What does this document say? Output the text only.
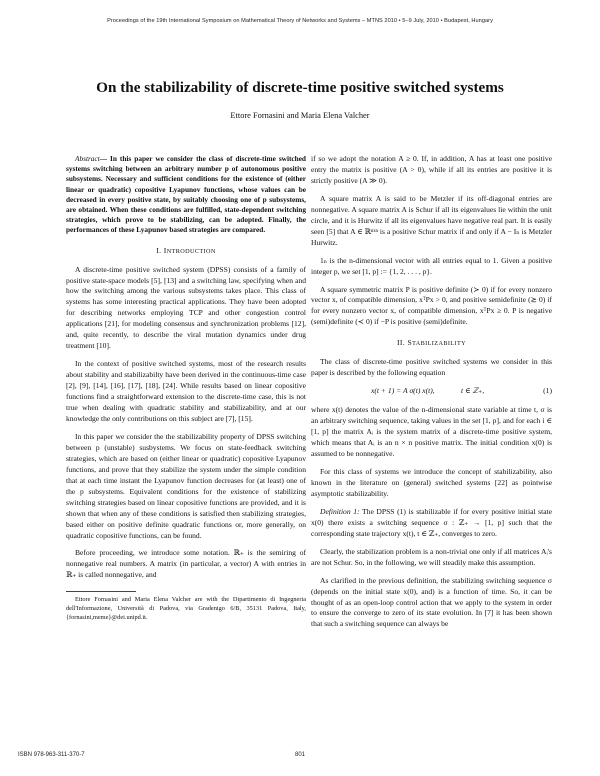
Proceedings of the 19th International Symposium on Mathematical Theory of Networks and Systems – MTNS 2010 • 5–9 July, 2010 • Budapest, Hungary
On the stabilizability of discrete-time positive switched systems
Ettore Fornasini and Maria Elena Valcher

Abstract— In this paper we consider the class of discrete-time switched systems switching between an arbitrary number p of autonomous positive subsystems. Necessary and sufficient conditions for the existence of (either linear or quadratic) copositive Lyapunov functions, whose values can be decreased in every positive state, by suitably choosing one of p subsystems, are obtained. When these conditions are fulfilled, state-dependent switching strategies, which prove to be stabilizing, can be adopted. Finally, the performances of these Lyapunov based strategies are compared.

I. INTRODUCTION

A discrete-time positive switched system (DPSS) consists of a family of positive state-space models [5], [13] and a switching law, specifying when and how the switching among the various subsystems takes place. This class of systems has some interesting practical applications. They have been adopted for describing networks employing TCP and other congestion control applications [21], for modeling consensus and synchronization problems [12], and, quite recently, to describe the viral mutation dynamics under drug treatment [10].

In the context of positive switched systems, most of the research results about stability and stabilizabilty have been derived in the continuous-time case [2], [9], [14], [16], [17], [18], [24]. While results based on linear copositive functions find a straightforward extension to the discrete-time case, this is not true when dealing with quadratic stability and stabilizability, and at our knowledge the only contributions on this subject are [7], [15].

In this paper we consider the the stabilizability property of DPSS switching between p (unstable) susbystems. We focus on state-feedback switching strategies, which are based on (either linear or quadratic) copositive Lyapunov functions, and prove that they stabilize the system under the simple condition that at each time instant the Lyapunov function decreases for (at least) one of the p subsystems. Equivalent conditions for the existence of stabilizing switching strategies based on linear copositive functions are provided, and it is shown that when any of these conditions is satisfied then stabilizing strategies, based either on positive definite quadratic functions or, more generally, on quadratic copositive functions, can be found.

Before proceeding, we introduce some notation. ℝ₊ is the semiring of nonnegative real numbers. A matrix (in particular, a vector) A with entries in ℝ₊ is called nonnegative, and

Ettore Fornasini and Maria Elena Valcher are with the Dipartimento di Ingegneria dell'Informazione, Università di Padova, via Gradenigo 6/B, 35131 Padova, Italy, {fornasini,meme}@dei.unipd.it.

if so we adopt the notation A ≥ 0. If, in addition, A has at least one positive entry the matrix is positive (A > 0), while if all its entries are positive it is strictly positive (A ≫ 0).

A square matrix A is said to be Metzler if its off-diagonal entries are nonnegative. A square matrix A is Schur if all its eigenvalues lie within the unit circle, and it is Hurwitz if all its eigenvalues have negative real part. It is easily seen [5] that A ∈ ℝⁿˣⁿ is a positive Schur matrix if and only if A − Iₙ is Metzler Hurwitz.

1ₙ is the n-dimensional vector with all entries equal to 1. Given a positive integer p, we set [1, p] := {1, 2, . . . , p}.

A square symmetric matrix P is positive definite (≻ 0) if for every nonzero vector x, of compatible dimension, xᵀPx > 0, and positive semidefinite (⪰ 0) if for every nonzero vector x, of compatible dimension, xᵀPx ≥ 0. P is negative (semi)definite (≺ 0) if −P is positive (semi)definite.

II. STABILIZABILITY

The class of discrete-time positive switched systems we consider in this paper is described by the following equation

x(t + 1) = A σ(t) x(t),	t ∈ ℤ₊,	(1)

where x(t) denotes the value of the n-dimensional state variable at time t, σ is an arbitrary switching sequence, taking values in the set [1, p], and for each i ∈ [1, p] the matrix Aᵢ is the system matrix of a discrete-time positive system, which means that Aᵢ is an n × n positive matrix. The initial condition x(0) is assumed to be nonnegative.

For this class of systems we introduce the concept of stabilizability, also known in the literature on (general) switched systems [22] as pointwise asymptotic stabilizability.

Definition 1: The DPSS (1) is stabilizable if for every positive initial state x(0) there exists a switching sequence σ : ℤ₊ → [1, p] such that the corresponding state trajectory x(t), t ∈ ℤ₊, converges to zero.

Clearly, the stabilization problem is a non-trivial one only if all matrices Aᵢ's are not Schur. So, in the following, we will steadily make this assumption.

As clarified in the previous definition, the stabilizing switching sequence σ (depends on the initial state x(0), and) is a function of time. So, it can be thought of as an open-loop control action that we apply to the system in order to ensure the converge to zero of its state evolution. In [7] it has been shown that such a switching sequence can always be

ISBN 978-963-311-370-7	801
